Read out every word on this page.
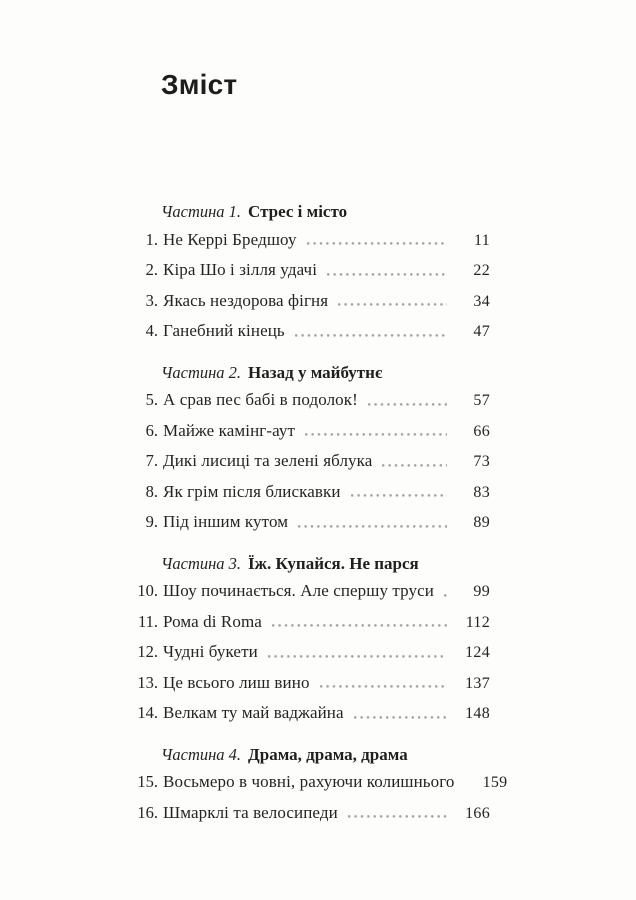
Зміст
Частина 1. Стрес і місто
1. Не Керрі Бредшоу	11
2. Кіра Шо і зілля удачі	22
3. Якась нездорова фігня	34
4. Ганебний кінець	47
Частина 2. Назад у майбутнє
5. А срав пес бабі в подолок!	57
6. Майже камінг-аут	66
7. Дикі лисиці та зелені яблука	73
8. Як грім після блискавки	83
9. Під іншим кутом	89
Частина 3. Їж. Купайся. Не парся
10. Шоу починається. Але спершу труси	99
11. Рома di Roma	112
12. Чудні букети	124
13. Це всього лиш вино	137
14. Велкам ту май ваджайна	148
Частина 4. Драма, драма, драма
15. Восьмеро в човні, рахуючи колишнього	159
16. Шмарклі та велосипеди	166
